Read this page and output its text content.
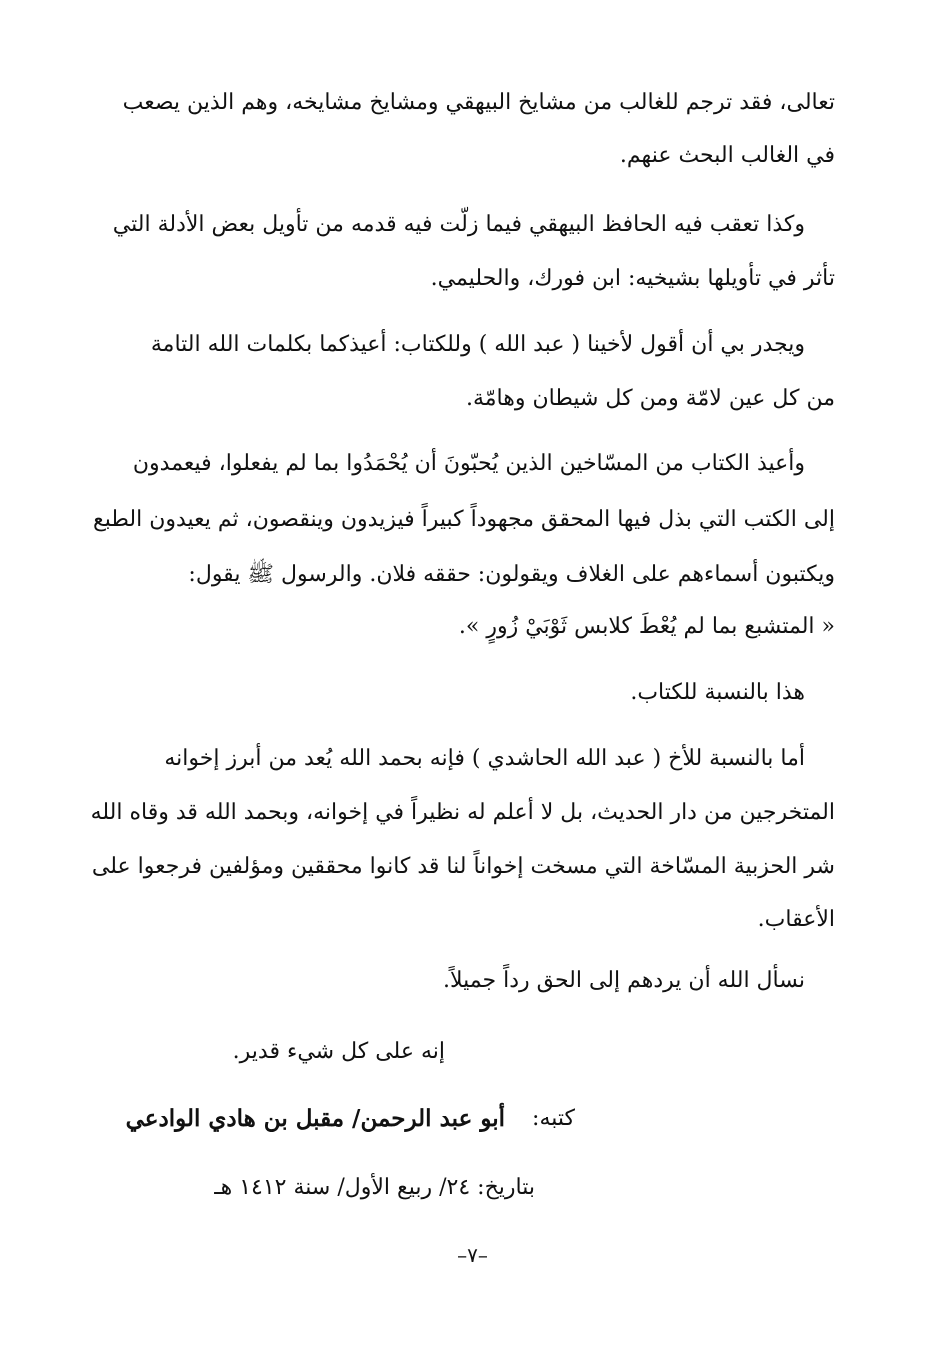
تعالى، فقد ترجم للغالب من مشايخ البيهقي ومشايخ مشايخه، وهم الذين يصعب
في الغالب البحث عنهم.
وكذا تعقب فيه الحافظ البيهقي فيما زلّت فيه قدمه من تأويل بعض الأدلة التي
تأثر في تأويلها بشيخيه: ابن فورك، والحليمي.
ويجدر بي أن أقول لأخينا ( عبد الله ) وللكتاب: أعيذكما بكلمات الله التامة
من كل عين لامّة ومن كل شيطان وهامّة.
وأعيذ الكتاب من المسّاخين الذين يُحبّونَ أن يُحْمَدُوا بما لم يفعلوا، فيعمدون
إلى الكتب التي بذل فيها المحقق مجهوداً كبيراً فيزيدون وينقصون، ثم يعيدون الطبع
ويكتبون أسماءهم على الغلاف ويقولون: حققه فلان. والرسول ﷺ يقول:
« المتشبع بما لم يُعْطَ كلابس ثَوْبَيْ زُورٍ ».
هذا بالنسبة للكتاب.
أما بالنسبة للأخ ( عبد الله الحاشدي ) فإنه بحمد الله يُعد من أبرز إخوانه
المتخرجين من دار الحديث، بل لا أعلم له نظيراً في إخوانه، وبحمد الله قد وقاه الله
شر الحزبية المسّاخة التي مسخت إخواناً لنا قد كانوا محققين ومؤلفين فرجعوا على
الأعقاب.
نسأل الله أن يردهم إلى الحق رداً جميلاً.
إنه على كل شيء قدير.
كتبه:
أبو عبد الرحمن/ مقبل بن هادي الوادعي
بتاريخ: ٢٤/ ربيع الأول/ سنة ١٤١٢ هـ
–٧–
